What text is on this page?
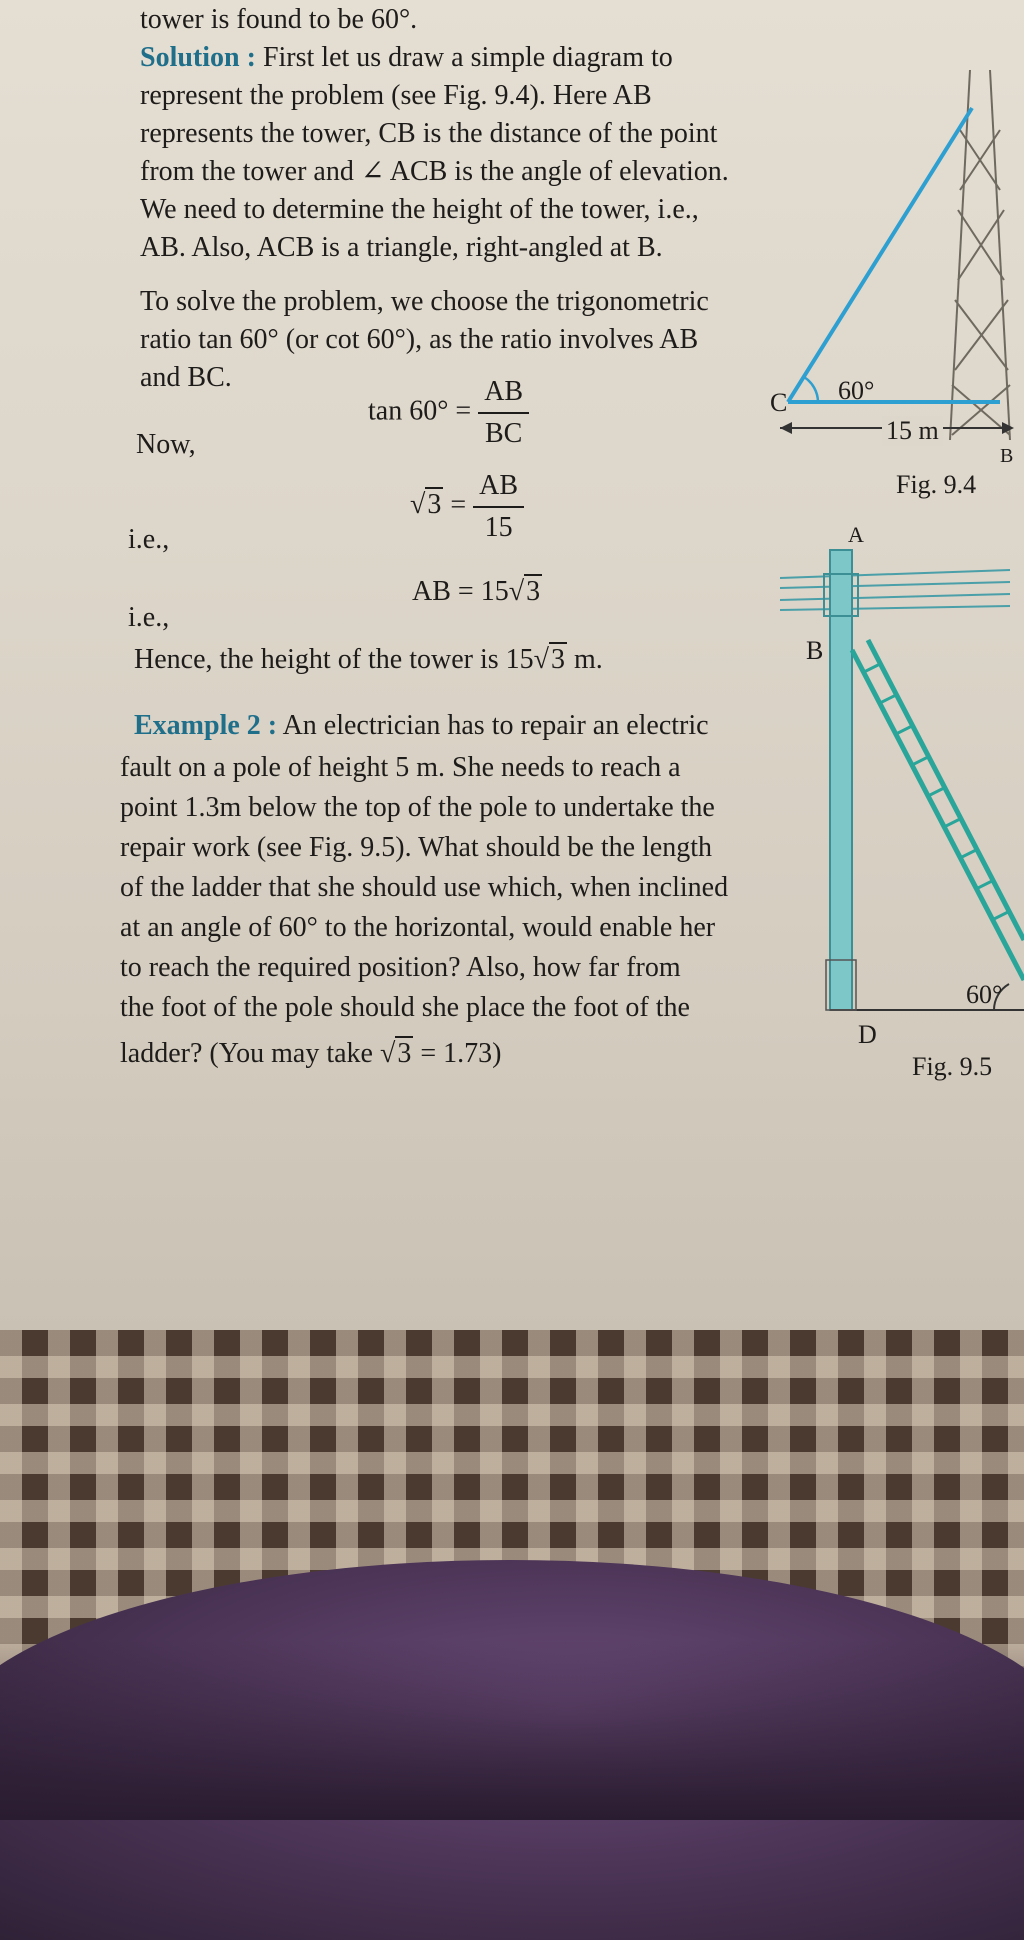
tower is found to be 60°.
Solution : First let us draw a simple diagram to
represent the problem (see Fig. 9.4). Here AB
represents the tower, CB is the distance of the point
from the tower and ∠ ACB is the angle of elevation.
We need to determine the height of the tower, i.e.,
AB. Also, ACB is a triangle, right-angled at B.
To solve the problem, we choose the trigonometric
ratio tan 60° (or cot 60°), as the ratio involves AB
and BC.
Now,
$\tan 60^\circ = \frac{AB}{BC}$
i.e.,
$√3 = \frac{AB}{15}$
i.e.,
AB = 15√3
Hence, the height of the tower is 15√3 m.
Example 2 : An electrician has to repair an electric
fault on a pole of height 5 m. She needs to reach a
point 1.3m below the top of the pole to undertake the
repair work (see Fig. 9.5). What should be the length
of the ladder that she should use which, when inclined
at an angle of 60° to the horizontal, would enable her
to reach the required position? Also, how far from
the foot of the pole should she place the foot of the
ladder? (You may take √3 = 1.73)
C
B
60°
15 m
Fig. 9.4
A
B
D
60°
Fig. 9.5
